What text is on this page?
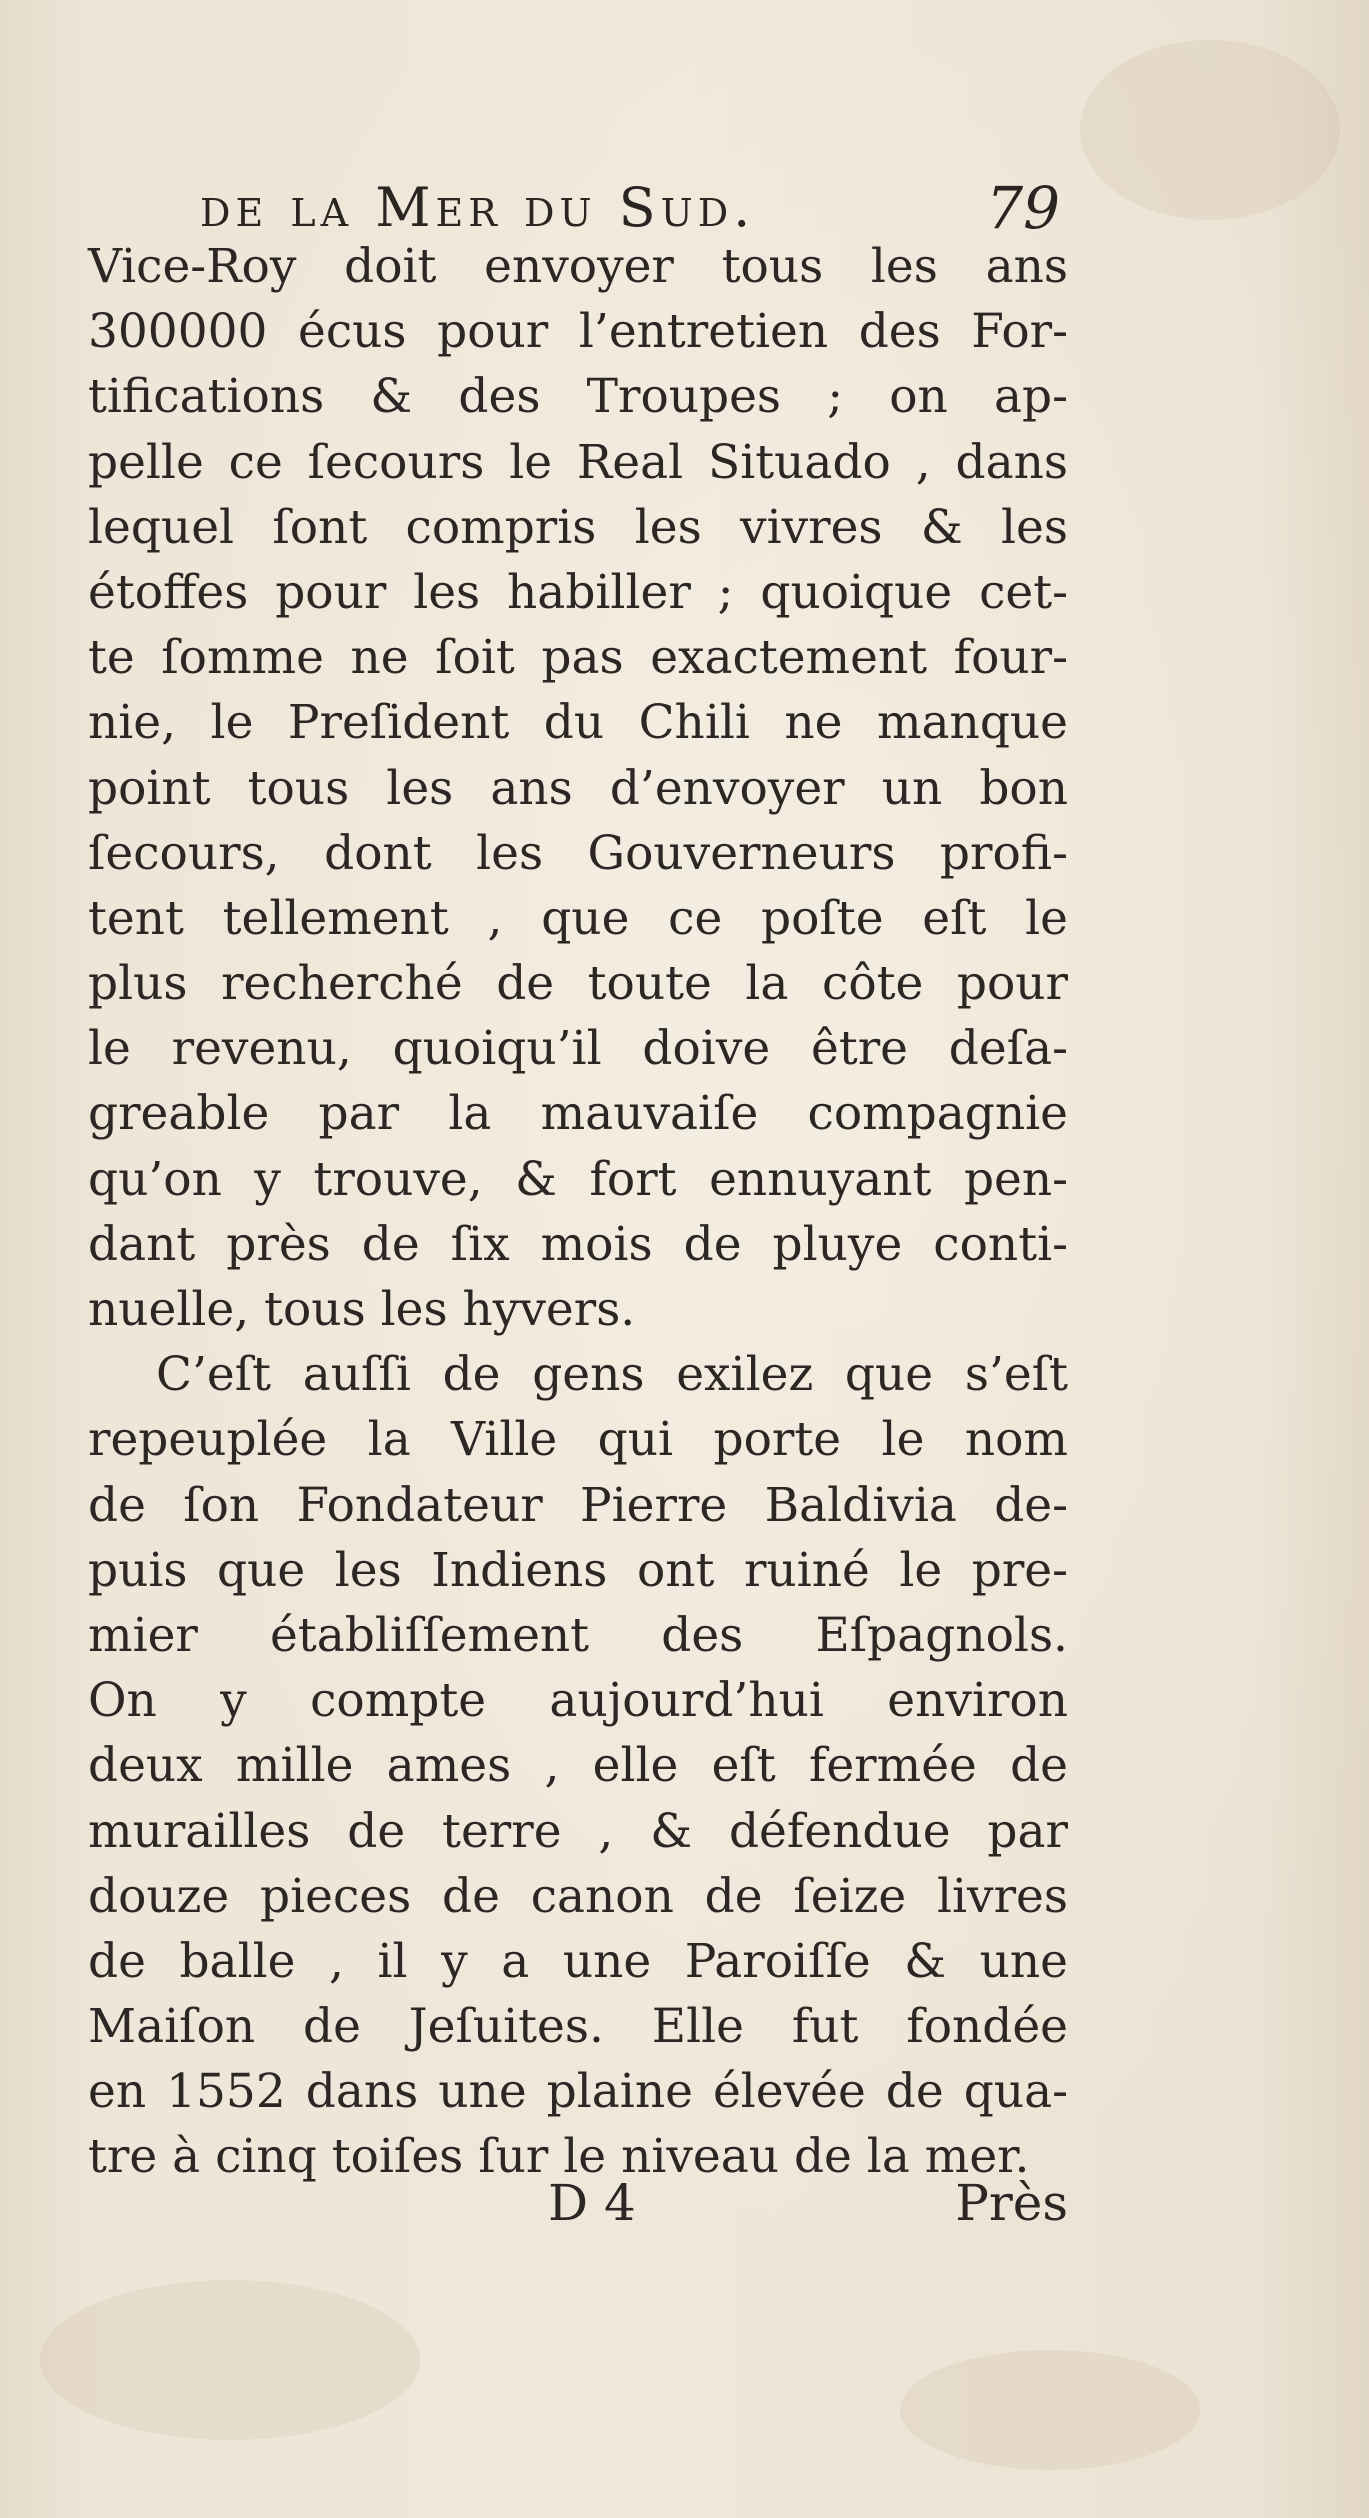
de la Mer du Sud.	79
Vice-Roy doit envoyer tous les ans
300000 écus pour l’entretien des For-
tifications & des Troupes ; on ap-
pelle ce ſecours le Real Situado , dans
lequel ſont compris les vivres & les
étoffes pour les habiller ; quoique cet-
te ſomme ne ſoit pas exactement four-
nie, le Preſident du Chili ne manque
point tous les ans d’envoyer un bon
ſecours, dont les Gouverneurs profi-
tent tellement , que ce poſte eſt le
plus recherché de toute la côte pour
le revenu, quoiqu’il doive être deſa-
greable par la mauvaiſe compagnie
qu’on y trouve, & fort ennuyant pen-
dant près de ſix mois de pluye conti-
nuelle, tous les hyvers.
C’eſt auſſi de gens exilez que s’eſt
repeuplée la Ville qui porte le nom
de ſon Fondateur Pierre Baldivia de-
puis que les Indiens ont ruiné le pre-
mier établiſſement des Eſpagnols.
On y compte aujourd’hui environ
deux mille ames , elle eſt fermée de
murailles de terre , & défendue par
douze pieces de canon de ſeize livres
de balle , il y a une Paroiſſe & une
Maiſon de Jeſuites. Elle fut fondée
en 1552 dans une plaine élevée de qua-
tre à cinq toiſes ſur le niveau de la mer.
D 4	Près
